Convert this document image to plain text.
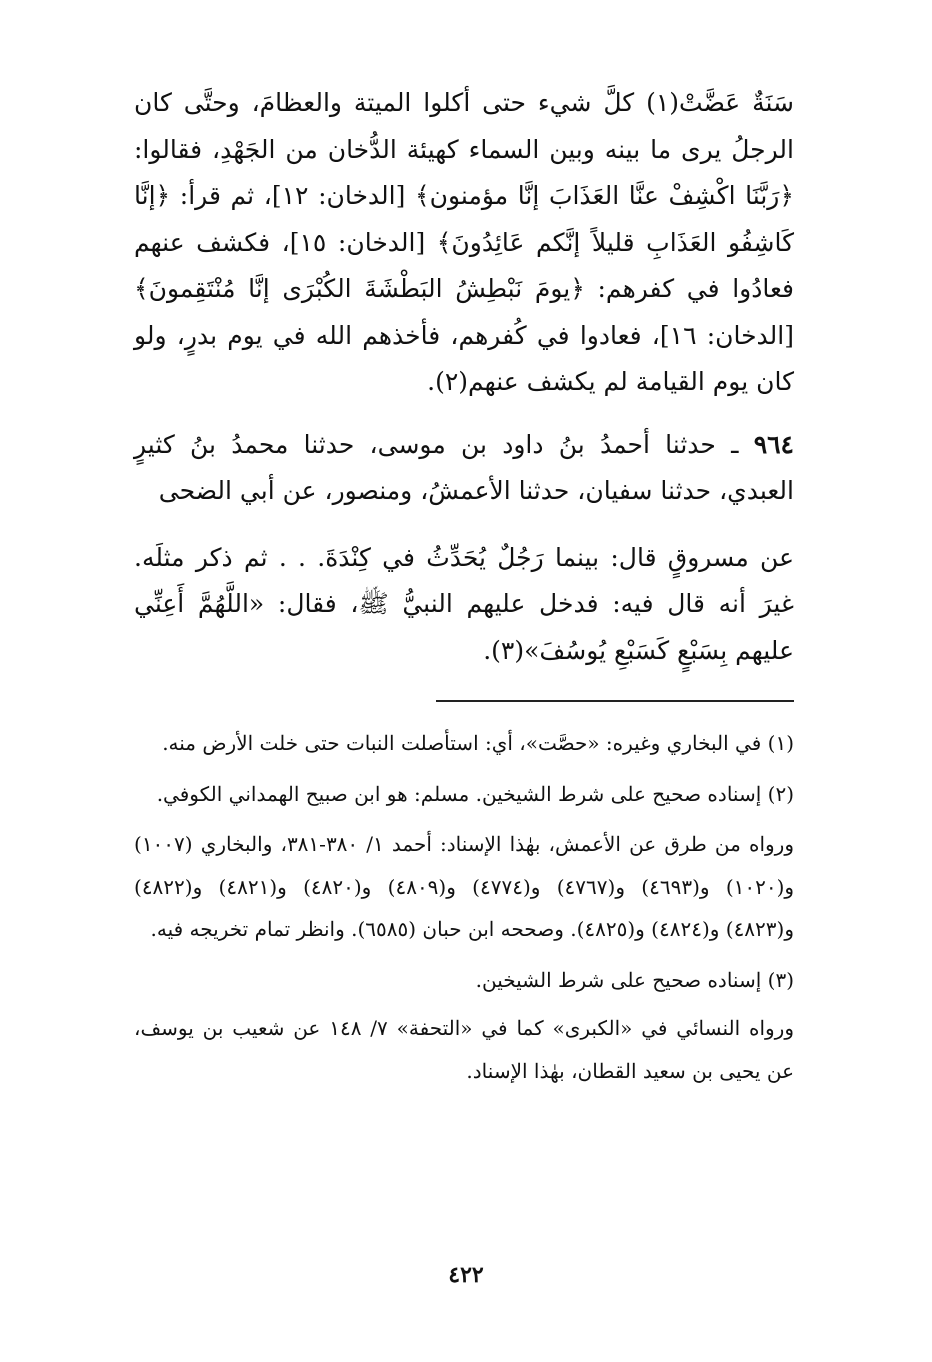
سَنَةٌ عَضَّتْ(١) كلَّ شيء حتى أكلوا الميتة والعظامَ، وحتَّى كان الرجلُ يرى ما بينه وبين السماء كهيئة الدُّخان من الجَهْدِ، فقالوا: ﴿رَبَّنَا اكْشِفْ عنَّا العَذَابَ إنَّا مؤمنون﴾ [الدخان: ١٢]، ثم قرأ: ﴿إنَّا كَاشِفُو العَذَابِ قليلاً إنَّكم عَائِدُونَ﴾ [الدخان: ١٥]، فكشف عنهم فعادُوا في كفرهم: ﴿يومَ نَبْطِشُ البَطْشَةَ الكُبْرَى إنَّا مُنْتَقِمونَ﴾ [الدخان: ١٦]، فعادوا في كُفرهم، فأخذهم الله في يوم بدرٍ، ولو كان يوم القيامة لم يكشف عنهم(٢).

٩٦٤ ـ حدثنا أحمدُ بنُ داود بن موسى، حدثنا محمدُ بنُ كثيرٍ العبدي، حدثنا سفيان، حدثنا الأعمشُ، ومنصور، عن أبي الضحى

عن مسروقٍ قال: بينما رَجُلٌ يُحَدِّثُ في كِنْدَةَ. . . ثم ذكر مثلَه. غيرَ أنه قال فيه: فدخل عليهم النبيُّ ﷺ، فقال: «اللَّهُمَّ أَعِنِّي عليهم بِسَبْعٍ كَسَبْعِ يُوسُفَ»(٣).

(١) في البخاري وغيره: «حصَّت»، أي: استأصلت النبات حتى خلت الأرض منه.

(٢) إسناده صحيح على شرط الشيخين. مسلم: هو ابن صبيح الهمداني الكوفي.

ورواه من طرق عن الأعمش، بهٰذا الإسناد: أحمد ١/ ٣٨٠-٣٨١، والبخاري (١٠٠٧) و(١٠٢٠) و(٤٦٩٣) و(٤٧٦٧) و(٤٧٧٤) و(٤٨٠٩) و(٤٨٢٠) و(٤٨٢١) و(٤٨٢٢) و(٤٨٢٣) و(٤٨٢٤) و(٤٨٢٥). وصححه ابن حبان (٦٥٨٥). وانظر تمام تخريجه فيه.

(٣) إسناده صحيح على شرط الشيخين.

ورواه النسائي في «الكبرى» كما في «التحفة» ٧/ ١٤٨ عن شعيب بن يوسف، عن يحيى بن سعيد القطان، بهٰذا الإسناد.

٤٢٢
